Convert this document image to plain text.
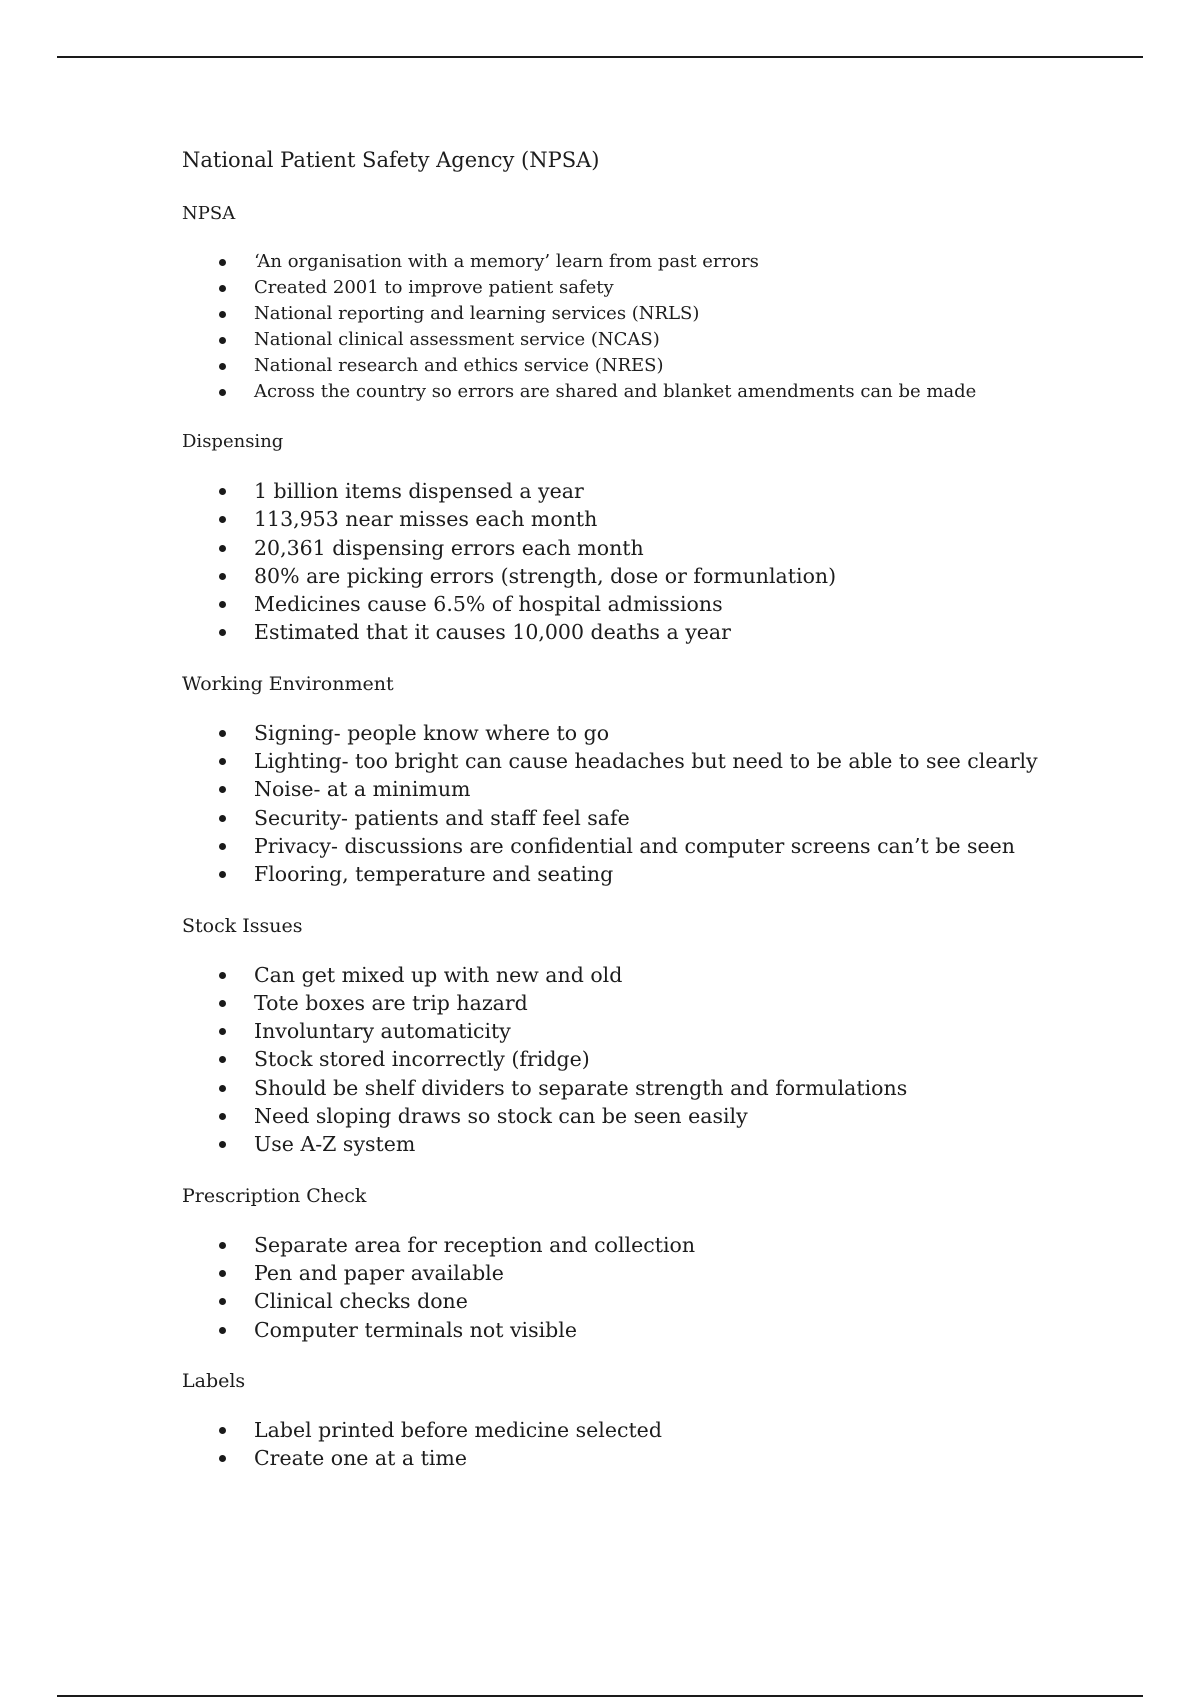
National Patient Safety Agency (NPSA)
NPSA
‘An organisation with a memory’ learn from past errors
Created 2001 to improve patient safety
National reporting and learning services (NRLS)
National clinical assessment service (NCAS)
National research and ethics service (NRES)
Across the country so errors are shared and blanket amendments can be made
Dispensing
1 billion items dispensed a year
113,953 near misses each month
20,361 dispensing errors each month
80% are picking errors (strength, dose or formunlation)
Medicines cause 6.5% of hospital admissions
Estimated that it causes 10,000 deaths a year
Working Environment
Signing- people know where to go
Lighting- too bright can cause headaches but need to be able to see clearly
Noise- at a minimum
Security- patients and staff feel safe
Privacy- discussions are confidential and computer screens can’t be seen
Flooring, temperature and seating
Stock Issues
Can get mixed up with new and old
Tote boxes are trip hazard
Involuntary automaticity
Stock stored incorrectly (fridge)
Should be shelf dividers to separate strength and formulations
Need sloping draws so stock can be seen easily
Use A-Z system
Prescription Check
Separate area for reception and collection
Pen and paper available
Clinical checks done
Computer terminals not visible
Labels
Label printed before medicine selected
Create one at a time
